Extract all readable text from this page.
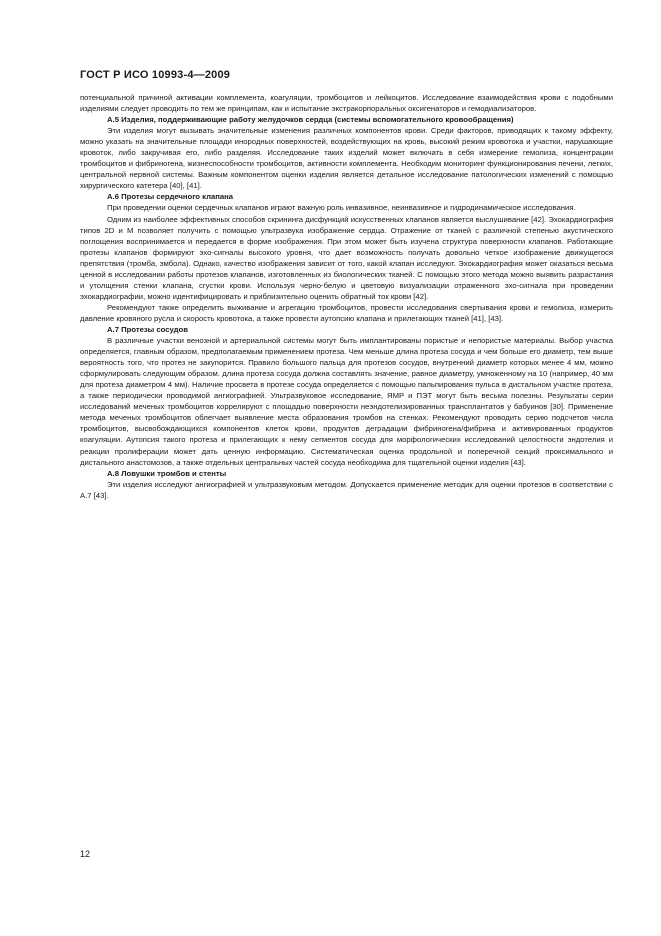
ГОСТ Р ИСО 10993-4—2009

потенциальной причиной активации комплемента, коагуляции, тромбоцитов и лейкоцитов. Исследование взаимодействия крови с подобными изделиями следует проводить по тем же принципам, как и испытание экстракорпоральных оксигенаторов и гемодиализаторов.

А.5 Изделия, поддерживающие работу желудочков сердца (системы вспомогательного кровообращения)

Эти изделия могут вызывать значительные изменения различных компонентов крови. Среди факторов, приводящих к такому эффекту, можно указать на значительные площади инородных поверхностей, воздействующих на кровь, высокий режим кровотока и участки, нарушающие кровоток, либо закручивая его, либо разделяя. Исследование таких изделий может включать в себя измерение гемолиза, концентрации тромбоцитов и фибриногена, жизнеспособности тромбоцитов, активности комплемента. Необходим мониторинг функционирования печени, легких, центральной нервной системы. Важным компонентом оценки изделия является детальное исследование патологических изменений с помощью хирургического катетера [40], [41].

А.6 Протезы сердечного клапана

При проведении оценки сердечных клапанов играют важную роль инвазивное, неинвазивное и гидродинамическое исследования.

Одним из наиболее эффективных способов скрининга дисфункций искусственных клапанов является выслушивание [42]. Эхокардиография типов 2D и M позволяет получить с помощью ультразвука изображение сердца. Отражение от тканей с различной степенью акустического поглощения воспринимается и передается в форме изображения. При этом может быть изучена структура поверхности клапанов. Работающие протезы клапанов формируют эхо-сигналы высокого уровня, что дает возможность получать довольно четкое изображение движущегося препятствия (тромба, эмбола). Однако, качество изображения зависит от того, какой клапан исследуют. Эхокардиография может оказаться весьма ценной в исследовании работы протезов клапанов, изготовленных из биологических тканей. С помощью этого метода можно выявить разрастания и утолщения стенки клапана, сгустки крови. Используя черно-белую и цветовую визуализации отраженного эхо-сигнала при проведении эхокардиографии, можно идентифицировать и приблизительно оценить обратный ток крови [42].

Рекомендуют также определить выживание и агрегацию тромбоцитов, провести исследования свертывания крови и гемолиза, измерить давление кровяного русла и скорость кровотока, а также провести аутопсию клапана и прилегающих тканей [41], [43].

А.7 Протезы сосудов

В различные участки венозной и артериальной системы могут быть имплантированы пористые и непористые материалы. Выбор участка определяется, главным образом, предполагаемым применением протеза. Чем меньше длина протеза сосуда и чем больше его диаметр, тем выше вероятность того, что протез не закупорится. Правило большого пальца для протезов сосудов, внутренний диаметр которых менее 4 мм, можно сформулировать следующим образом. длина протеза сосуда должна составлять значение, равное диаметру, умноженному на 10 (например, 40 мм для протеза диаметром 4 мм). Наличие просвета в протезе сосуда определяется с помощью пальпирования пульса в дистальном участке протеза, а также периодически проводимой ангиографией. Ультразвуковое исследование, ЯМР и ПЭТ могут быть весьма полезны. Результаты серии исследований меченых тромбоцитов коррелируют с площадью поверхности неэндотелизированных трансплантатов у бабуинов [30]. Применение метода меченых тромбоцитов облегчает выявление места образования тромбов на стенках. Рекомендуют проводить серию подсчетов числа тромбоцитов, высвобождающихся компонентов клеток крови, продуктов деградации фибриногена/фибрина и активированных продуктов коагуляции. Аутопсия такого протеза и прилегающих к нему сегментов сосуда для морфологических исследований целостности эндотелия и реакции пролиферации может дать ценную информацию. Систематическая оценка продольной и поперечной секций проксимального и дистального анастомозов, а также отдельных центральных частей сосуда необходима для тщательной оценки изделия [43].

А.8 Ловушки тромбов и стенты

Эти изделия исследуют ангиографией и ультразвуковым методом. Допускается применение методик для оценки протезов в соответствии с А.7 [43].

12
